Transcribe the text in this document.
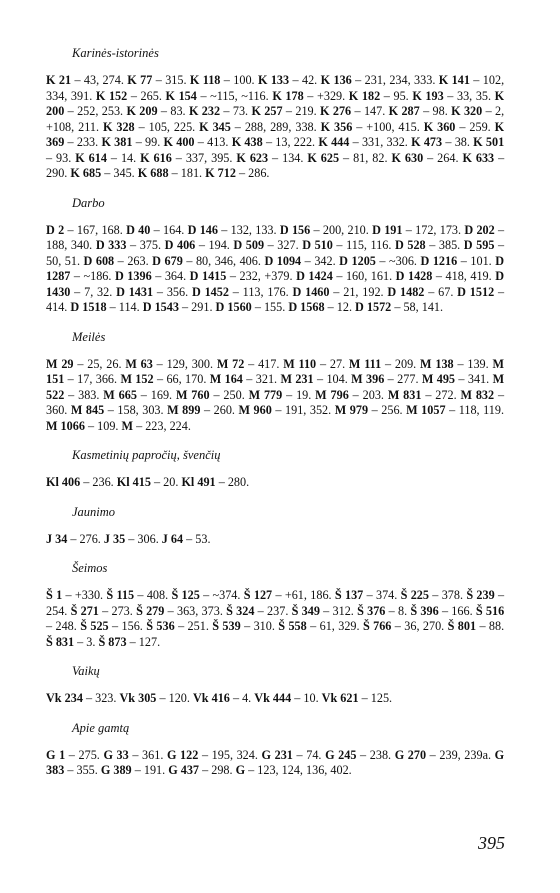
Karinės-istorinės
K 21 – 43, 274. K 77 – 315. K 118 – 100. K 133 – 42. K 136 – 231, 234, 333. K 141 – 102, 334, 391. K 152 – 265. K 154 – ~115, ~116. K 178 – +329. K 182 – 95. K 193 – 33, 35. K 200 – 252, 253. K 209 – 83. K 232 – 73. K 257 – 219. K 276 – 147. K 287 – 98. K 320 – 2, +108, 211. K 328 – 105, 225. K 345 – 288, 289, 338. K 356 – +100, 415. K 360 – 259. K 369 – 233. K 381 – 99. K 400 – 413. K 438 – 13, 222. K 444 – 331, 332. K 473 – 38. K 501 – 93. K 614 – 14. K 616 – 337, 395. K 623 – 134. K 625 – 81, 82. K 630 – 264. K 633 – 290. K 685 – 345. K 688 – 181. K 712 – 286.
Darbo
D 2 – 167, 168. D 40 – 164. D 146 – 132, 133. D 156 – 200, 210. D 191 – 172, 173. D 202 – 188, 340. D 333 – 375. D 406 – 194. D 509 – 327. D 510 – 115, 116. D 528 – 385. D 595 – 50, 51. D 608 – 263. D 679 – 80, 346, 406. D 1094 – 342. D 1205 – ~306. D 1216 – 101. D 1287 – ~186. D 1396 – 364. D 1415 – 232, +379. D 1424 – 160, 161. D 1428 – 418, 419. D 1430 – 7, 32. D 1431 – 356. D 1452 – 113, 176. D 1460 – 21, 192. D 1482 – 67. D 1512 – 414. D 1518 – 114. D 1543 – 291. D 1560 – 155. D 1568 – 12. D 1572 – 58, 141.
Meilės
M 29 – 25, 26. M 63 – 129, 300. M 72 – 417. M 110 – 27. M 111 – 209. M 138 – 139. M 151 – 17, 366. M 152 – 66, 170. M 164 – 321. M 231 – 104. M 396 – 277. M 495 – 341. M 522 – 383. M 665 – 169. M 760 – 250. M 779 – 19. M 796 – 203. M 831 – 272. M 832 – 360. M 845 – 158, 303. M 899 – 260. M 960 – 191, 352. M 979 – 256. M 1057 – 118, 119. M 1066 – 109. M – 223, 224.
Kasmetinių papročių, švenčių
Kl 406 – 236. Kl 415 – 20. Kl 491 – 280.
Jaunimo
J 34 – 276. J 35 – 306. J 64 – 53.
Šeimos
Š 1 – +330. Š 115 – 408. Š 125 – ~374. Š 127 – +61, 186. Š 137 – 374. Š 225 – 378. Š 239 – 254. Š 271 – 273. Š 279 – 363, 373. Š 324 – 237. Š 349 – 312. Š 376 – 8. Š 396 – 166. Š 516 – 248. Š 525 – 156. Š 536 – 251. Š 539 – 310. Š 558 – 61, 329. Š 766 – 36, 270. Š 801 – 88. Š 831 – 3. Š 873 – 127.
Vaikų
Vk 234 – 323. Vk 305 – 120. Vk 416 – 4. Vk 444 – 10. Vk 621 – 125.
Apie gamtą
G 1 – 275. G 33 – 361. G 122 – 195, 324. G 231 – 74. G 245 – 238. G 270 – 239, 239a. G 383 – 355. G 389 – 191. G 437 – 298. G – 123, 124, 136, 402.
395
